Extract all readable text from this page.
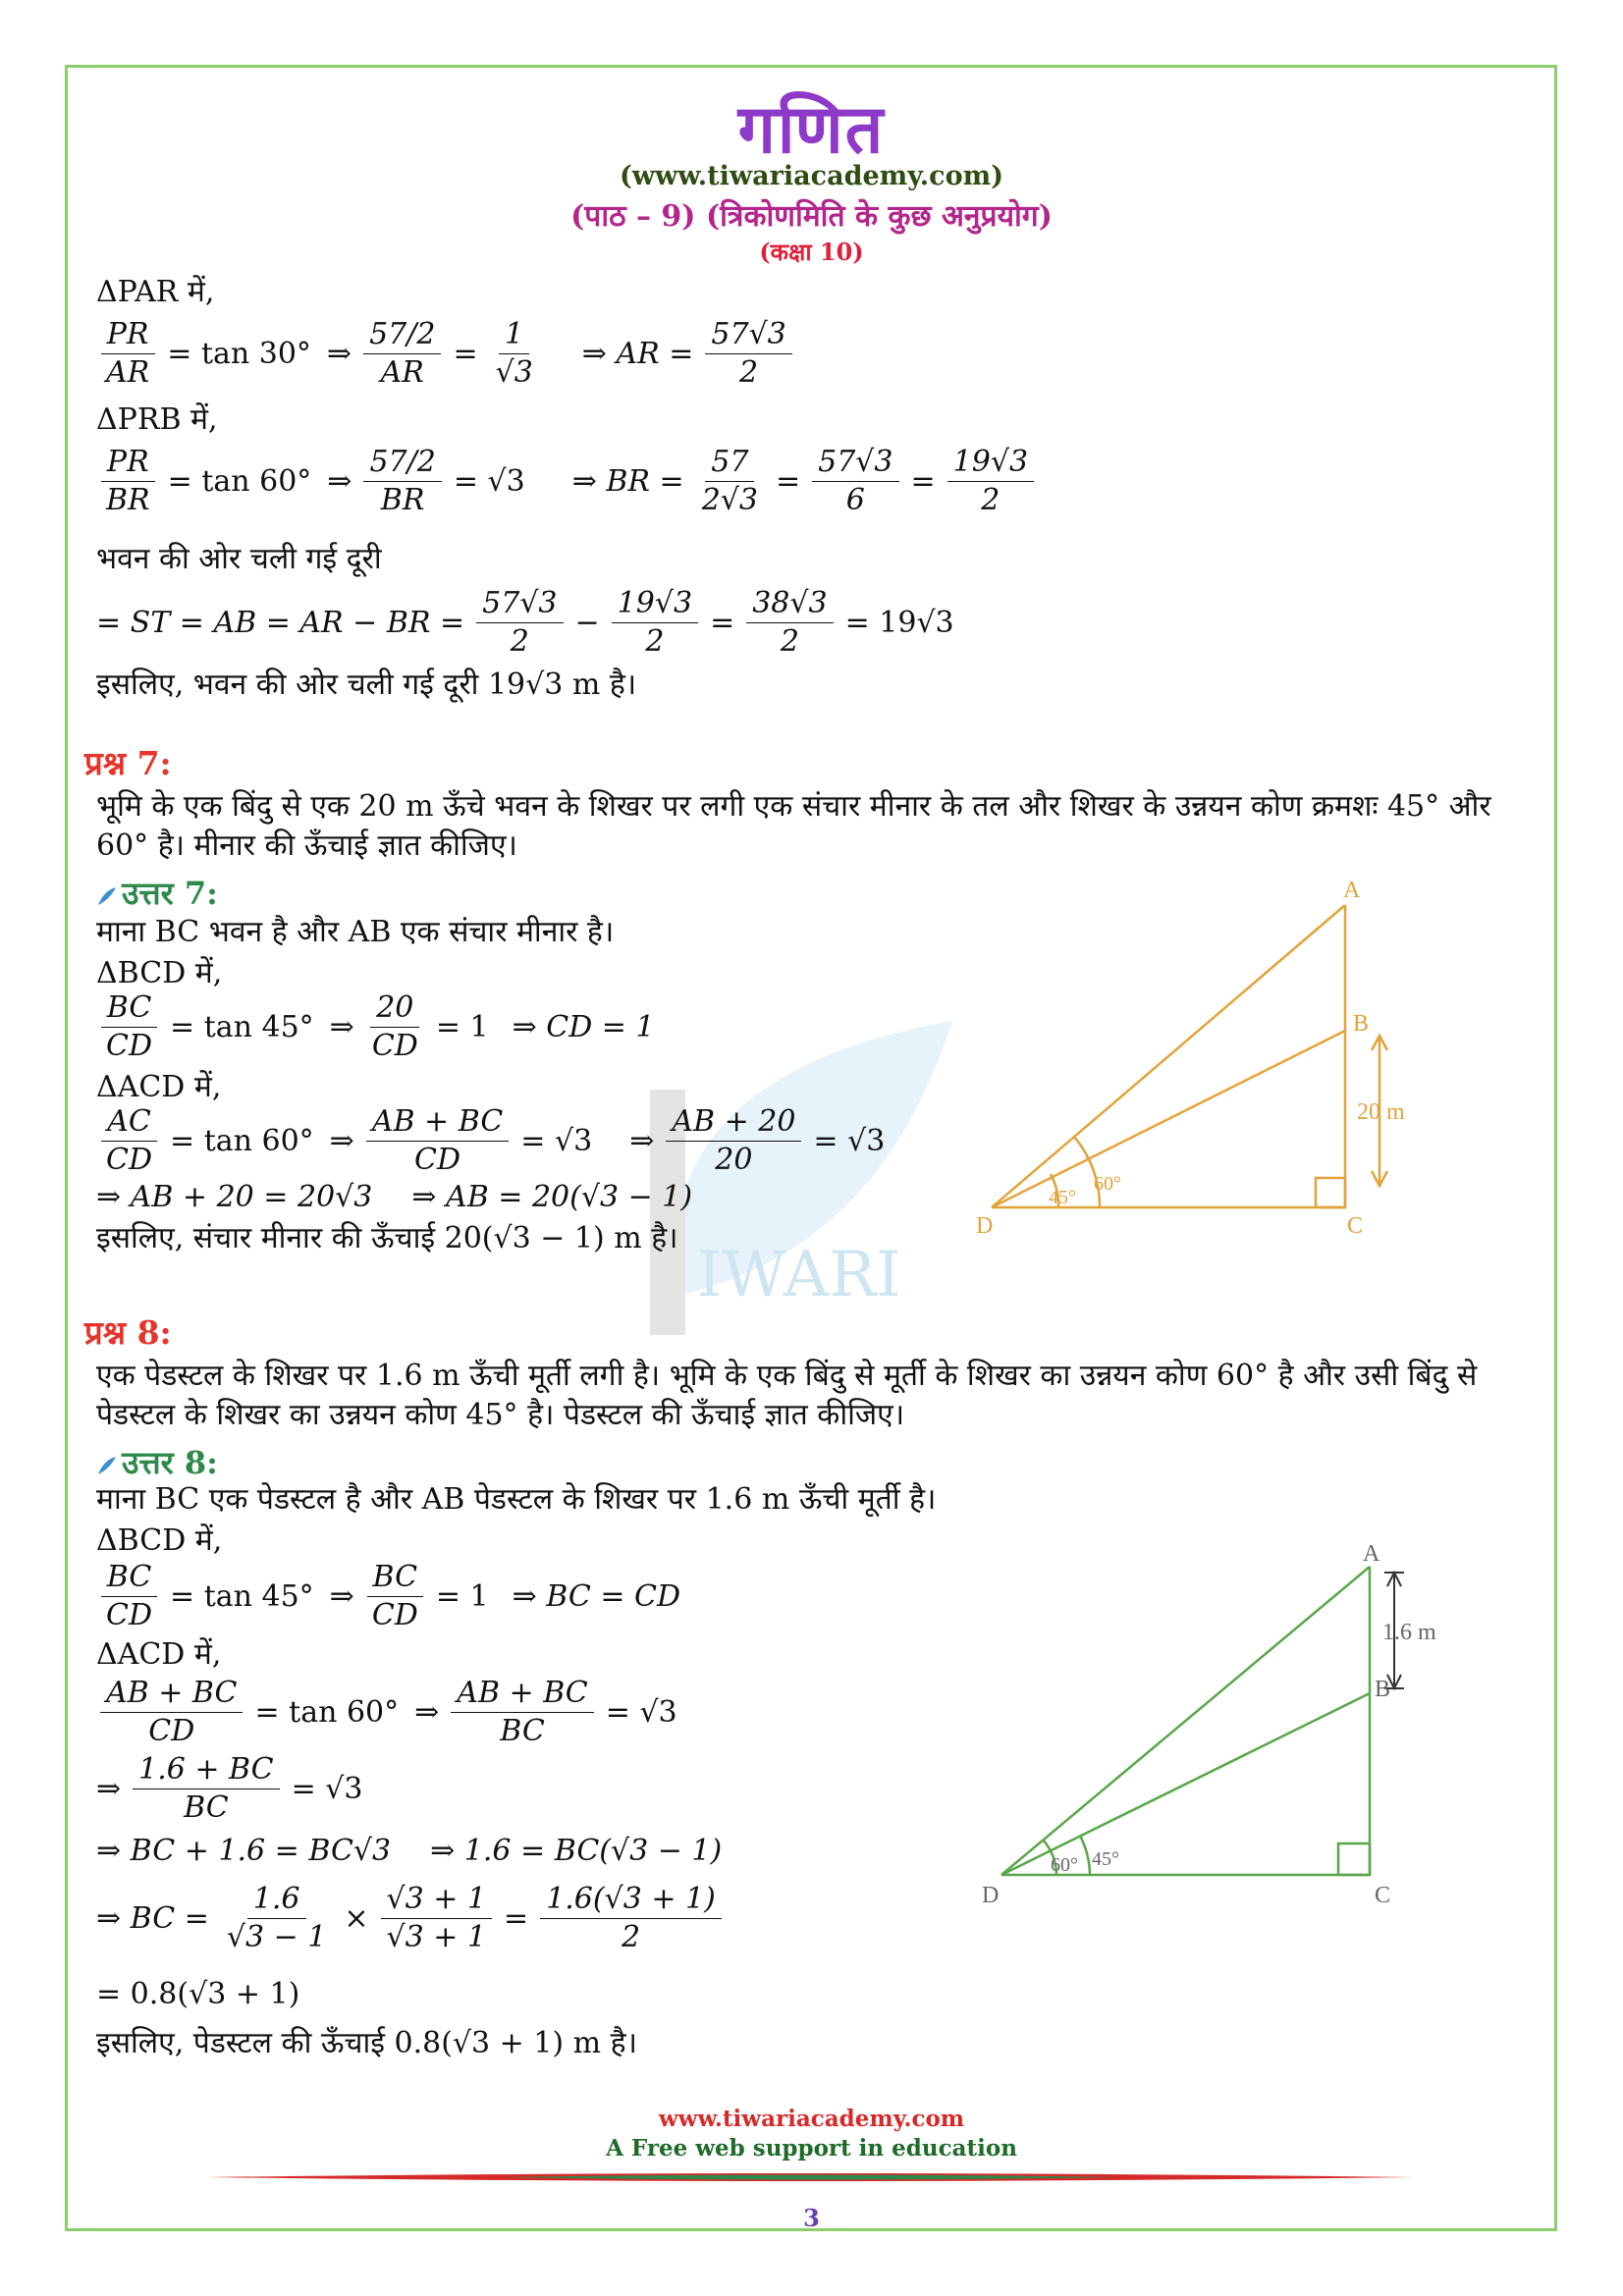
IWARI
गणित
(www.tiwariacademy.com)
(पाठ – 9) (त्रिकोणमिति के कुछ अनुप्रयोग)
(कक्षा 10)
ΔPAR में,
$\frac{PR}{AR} = \tan 30^\circ$ ⇒ $\frac{57/2}{AR} = \frac{1}{√3}$ ⇒ AR = $\frac{57√3}{2}$
ΔPRB में,
$\frac{PR}{BR} = \tan 60^\circ$ ⇒ $\frac{57/2}{BR} = √3$ ⇒ BR = $\frac{57}{2√3} = \frac{57√3}{6} = \frac{19√3}{2}$
भवन की ओर चली गई दूरी
= ST = AB = AR − BR = $\frac{57√3}{2} - \frac{19√3}{2} = \frac{38√3}{2} = 19√3$
इसलिए, भवन की ओर चली गई दूरी 19√3 m है।
प्रश्न 7:
भूमि के एक बिंदु से एक 20 m ऊँचे भवन के शिखर पर लगी एक संचार मीनार के तल और शिखर के उन्नयन कोण क्रमशः 45° और
60° है। मीनार की ऊँचाई ज्ञात कीजिए।
उत्तर 7:
माना BC भवन है और AB एक संचार मीनार है।
ΔBCD में,
$\frac{BC}{CD} = \tan 45^\circ$ ⇒ $\frac{20}{CD} = 1$ ⇒ CD = 1
ΔACD में,
$\frac{AC}{CD} = \tan 60^\circ$ ⇒ $\frac{AB + BC}{CD} = √3$ ⇒ $\frac{AB + 20}{20} = √3$
⇒ AB + 20 = 20√3 ⇒ AB = 20(√3 − 1)
इसलिए, संचार मीनार की ऊँचाई 20(√3 − 1) m है।
A
B
C
D
45°
60°
20 m
प्रश्न 8:
एक पेडस्टल के शिखर पर 1.6 m ऊँची मूर्ती लगी है। भूमि के एक बिंदु से मूर्ती के शिखर का उन्नयन कोण 60° है और उसी बिंदु से
पेडस्टल के शिखर का उन्नयन कोण 45° है। पेडस्टल की ऊँचाई ज्ञात कीजिए।
उत्तर 8:
माना BC एक पेडस्टल है और AB पेडस्टल के शिखर पर 1.6 m ऊँची मूर्ती है।
ΔBCD में,
$\frac{BC}{CD} = \tan 45^\circ$ ⇒ $\frac{BC}{CD} = 1$ ⇒ BC = CD
ΔACD में,
$\frac{AB + BC}{CD} = \tan 60^\circ$ ⇒ $\frac{AB + BC}{BC} = √3$
⇒ $\frac{1.6 + BC}{BC} = √3$
⇒ BC + 1.6 = BC√3 ⇒ 1.6 = BC(√3 − 1)
⇒ BC = $\frac{1.6}{√3 - 1} \times \frac{√3 + 1}{√3 + 1} = \frac{1.6(√3 + 1)}{2}$
= 0.8(√3 + 1)
इसलिए, पेडस्टल की ऊँचाई 0.8(√3 + 1) m है।
A
B
C
D
60° 45°
1.6 m
www.tiwariacademy.com
A Free web support in education
3
